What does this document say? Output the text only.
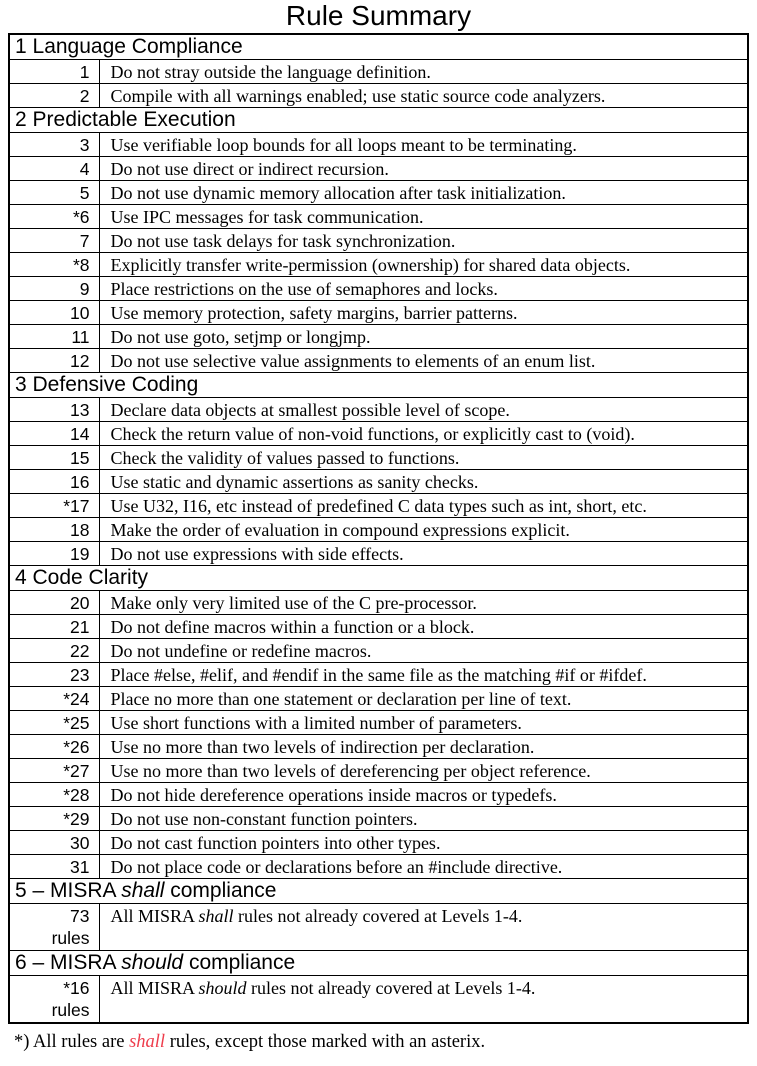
Rule Summary
1 Language Compliance	

1	Do not stray outside the language definition.

2	Compile with all warnings enabled; use static source code analyzers.
2 Predictable Execution	

3	Use verifiable loop bounds for all loops meant to be terminating.

4	Do not use direct or indirect recursion.

5	Do not use dynamic memory allocation after task initialization.

*6	Use IPC messages for task communication.

7	Do not use task delays for task synchronization.

*8	Explicitly transfer write-permission (ownership) for shared data objects.

9	Place restrictions on the use of semaphores and locks.

10	Use memory protection, safety margins, barrier patterns.

11	Do not use goto, setjmp or longjmp.

12	Do not use selective value assignments to elements of an enum list.
3 Defensive Coding	

13	Declare data objects at smallest possible level of scope.

14	Check the return value of non-void functions, or explicitly cast to (void).

15	Check the validity of values passed to functions.

16	Use static and dynamic assertions as sanity checks.

*17	Use U32, I16, etc instead of predefined C data types such as int, short, etc.

18	Make the order of evaluation in compound expressions explicit.

19	Do not use expressions with side effects.
4 Code Clarity	

20	Make only very limited use of the C pre-processor.

21	Do not define macros within a function or a block.

22	Do not undefine or redefine macros.

23	Place #else, #elif, and #endif in the same file as the matching #if or #ifdef.

*24	Place no more than one statement or declaration per line of text.

*25	Use short functions with a limited number of parameters.

*26	Use no more than two levels of indirection per declaration.

*27	Use no more than two levels of dereferencing per object reference.

*28	Do not hide dereference operations inside macros or typedefs.

*29	Do not use non-constant function pointers.

30	Do not cast function pointers into other types.

31	Do not place code or declarations before an #include directive.
5 – MISRA shall compliance	

73
rules	All MISRA shall rules not already covered at Levels 1-4.
6 – MISRA should compliance	

*16
rules	All MISRA should rules not already covered at Levels 1-4.

*) All rules are shall rules, except those marked with an asterix.
